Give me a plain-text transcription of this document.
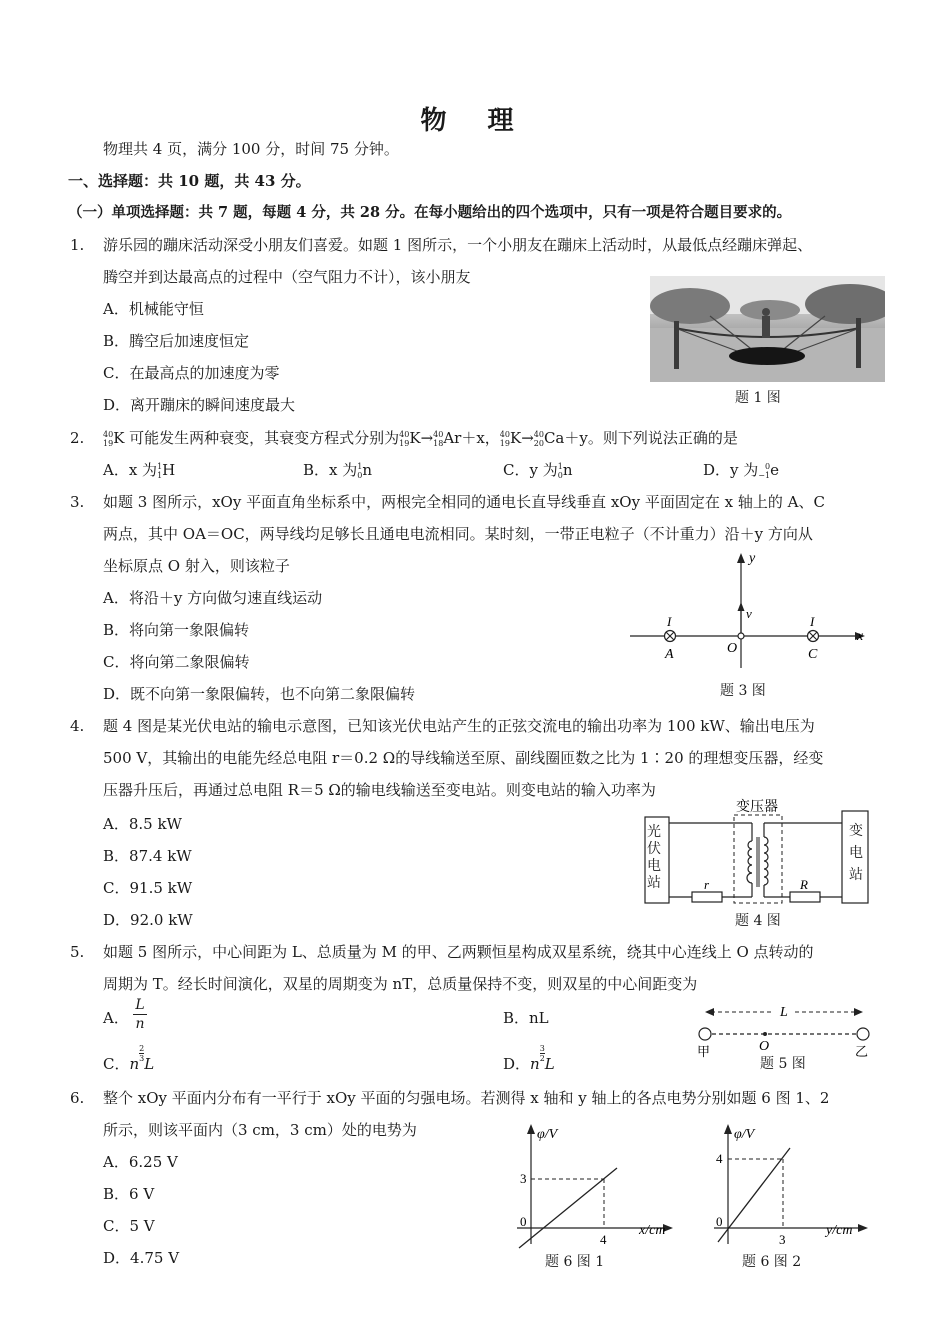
物 理
物理共 4 页，满分 100 分，时间 75 分钟。
一、选择题：共 10 题，共 43 分。
（一）单项选择题：共 7 题，每题 4 分，共 28 分。在每小题给出的四个选项中，只有一项是符合题目要求的。
1. 游乐园的蹦床活动深受小朋友们喜爱。如题 1 图所示，一个小朋友在蹦床上活动时，从最低点经蹦床弹起、
腾空并到达最高点的过程中（空气阻力不计），该小朋友
A．机械能守恒
B．腾空后加速度恒定
C．在最高点的加速度为零
D．离开蹦床的瞬间速度最大	题 1 图
2. 40
19K 可能发生两种衰变，其衰变方程式分别为40
19K→40
18Ar＋x，40
19K→40
20Ca＋y。则下列说法正确的是
A．x 为1
1H	B．x 为1
0n	C．y 为1
0n	D．y 为 0
−1e
3. 如题 3 图所示，xOy 平面直角坐标系中，两根完全相同的通电长直导线垂直 xOy 平面固定在 x 轴上的 A、C
两点，其中 OA＝OC，两导线均足够长且通电电流相同。某时刻，一带正电粒子（不计重力）沿＋y 方向从
坐标原点 O 射入，则该粒子
A．将沿＋y 方向做匀速直线运动
B．将向第一象限偏转
C．将向第二象限偏转
D．既不向第一象限偏转，也不向第二象限偏转
y
x
v
O
A	C
I	I
题 3 图
4. 题 4 图是某光伏电站的输电示意图，已知该光伏电站产生的正弦交流电的输出功率为 100 kW、输出电压为
500 V，其输出的电能先经总电阻 r＝0.2 Ω的导线输送至原、副线圈匝数之比为 1∶20 的理想变压器，经变
压器升压后，再通过总电阻 R＝5 Ω的输电线输送至变电站。则变电站的输入功率为
A．8.5 kW
B．87.4 kW
C．91.5 kW
D．92.0 kW
变压器
r	R
光伏电站
变电站
题 4 图
5. 如题 5 图所示，中心间距为 L、总质量为 M 的甲、乙两颗恒星构成双星系统，绕其中心连线上 O 点转动的
周期为 T。经长时间演化，双星的周期变为 nT，总质量保持不变，则双星的中心间距变为
A．
L
n	B．nL
C．n2
3L	D．n3
2L
L
O
甲	乙
题 5 图
6. 整个 xOy 平面内分布有一平行于 xOy 平面的匀强电场。若测得 x 轴和 y 轴上的各点电势分别如题 6 图 1、2
所示，则该平面内（3 cm，3 cm）处的电势为
A．6.25 V
B．6 V
C．5 V
D．4.75 V
φ/V
x/cm
3
4
0
题 6 图 1
φ/V
y/cm
4
3
0
题 6 图 2
